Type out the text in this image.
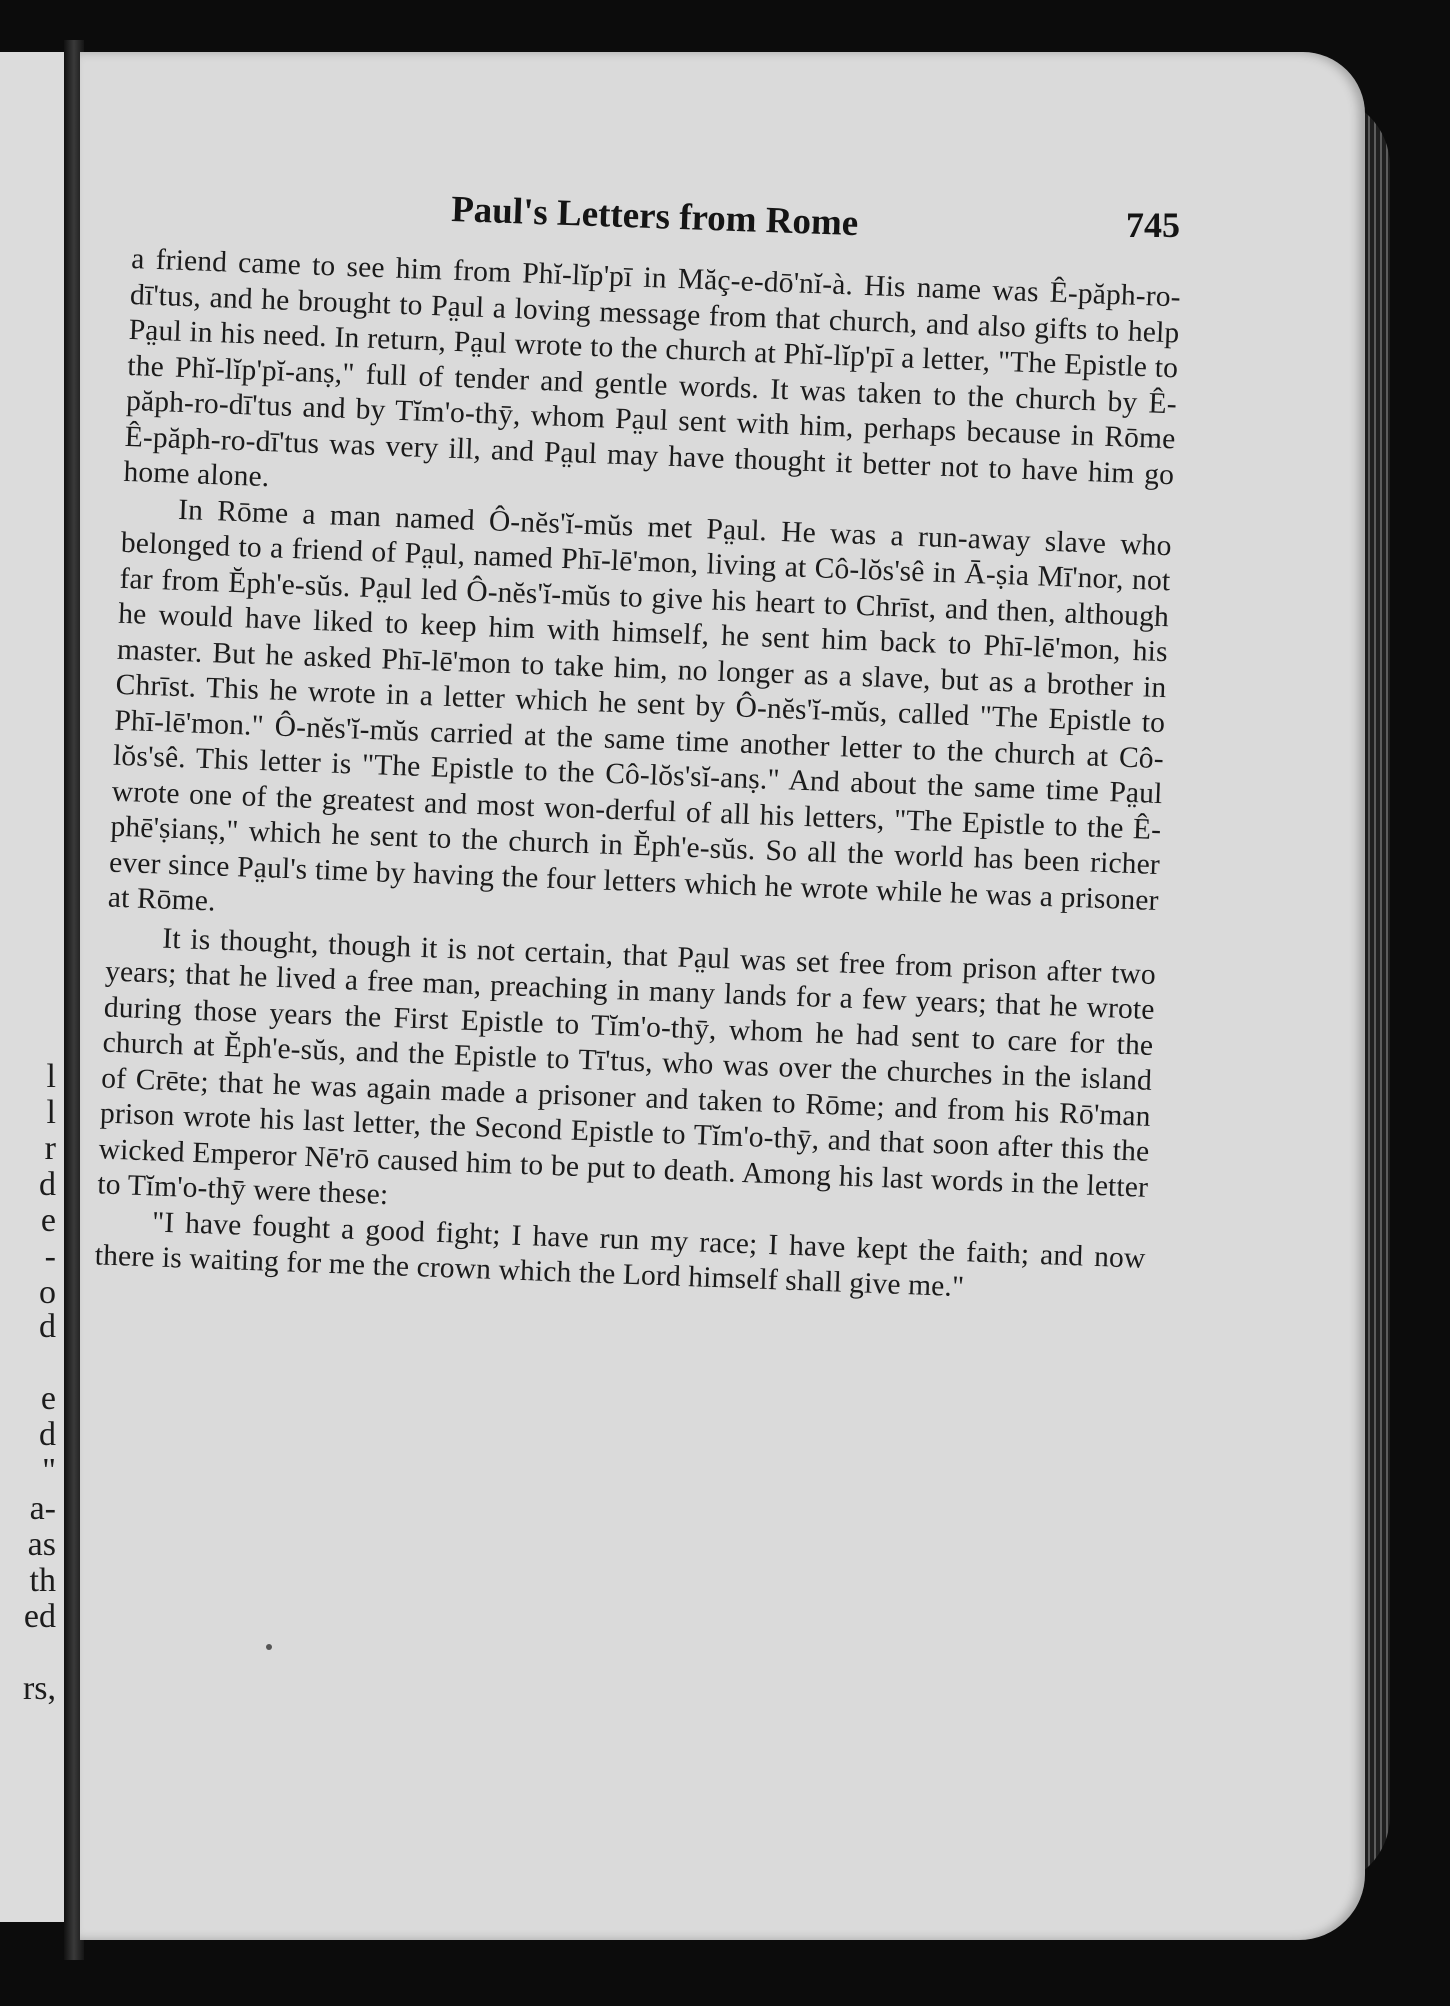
l
l
r
d
e
-
o
d
e
d
"
a-
as
th
ed
rs,
Paul's Letters from Rome	745

a friend came to see him from Phĭ-lĭp'pī in Măç-e-dō'nĭ-à. His name was Ê-păph-ro-dī'tus, and he brought to Pa̤ul a loving message from that church, and also gifts to help Pa̤ul in his need. In return, Pa̤ul wrote to the church at Phĭ-lĭp'pī a letter, "The Epistle to the Phĭ-lĭp'pĭ-anṣ," full of tender and gentle words. It was taken to the church by Ê-păph-ro-dī'tus and by Tĭm'o-thȳ, whom Pa̤ul sent with him, perhaps because in Rōme Ê-păph-ro-dī'tus was very ill, and Pa̤ul may have thought it better not to have him go home alone.

In Rōme a man named Ô-nĕs'ĭ-mŭs met Pa̤ul. He was a run-away slave who belonged to a friend of Pa̤ul, named Phī-lē'mon, living at Cô-lŏs'sê in Ā-ṣia Mī'nor, not far from Ĕph'e-sŭs. Pa̤ul led Ô-nĕs'ĭ-mŭs to give his heart to Chrīst, and then, although he would have liked to keep him with himself, he sent him back to Phī-lē'mon, his master. But he asked Phī-lē'mon to take him, no longer as a slave, but as a brother in Chrīst. This he wrote in a letter which he sent by Ô-nĕs'ĭ-mŭs, called "The Epistle to Phī-lē'mon." Ô-nĕs'ĭ-mŭs carried at the same time another letter to the church at Cô-lŏs'sê. This letter is "The Epistle to the Cô-lŏs'sĭ-anṣ." And about the same time Pa̤ul wrote one of the greatest and most won-derful of all his letters, "The Epistle to the Ê-phē'ṣianṣ," which he sent to the church in Ĕph'e-sŭs. So all the world has been richer ever since Pa̤ul's time by having the four letters which he wrote while he was a prisoner at Rōme.

It is thought, though it is not certain, that Pa̤ul was set free from prison after two years; that he lived a free man, preaching in many lands for a few years; that he wrote during those years the First Epistle to Tĭm'o-thȳ, whom he had sent to care for the church at Ĕph'e-sŭs, and the Epistle to Tī'tus, who was over the churches in the island of Crēte; that he was again made a prisoner and taken to Rōme; and from his Rō'man prison wrote his last letter, the Second Epistle to Tĭm'o-thȳ, and that soon after this the wicked Emperor Nē'rō caused him to be put to death. Among his last words in the letter to Tĭm'o-thȳ were these:

"I have fought a good fight; I have run my race; I have kept the faith; and now there is waiting for me the crown which the Lord himself shall give me."
